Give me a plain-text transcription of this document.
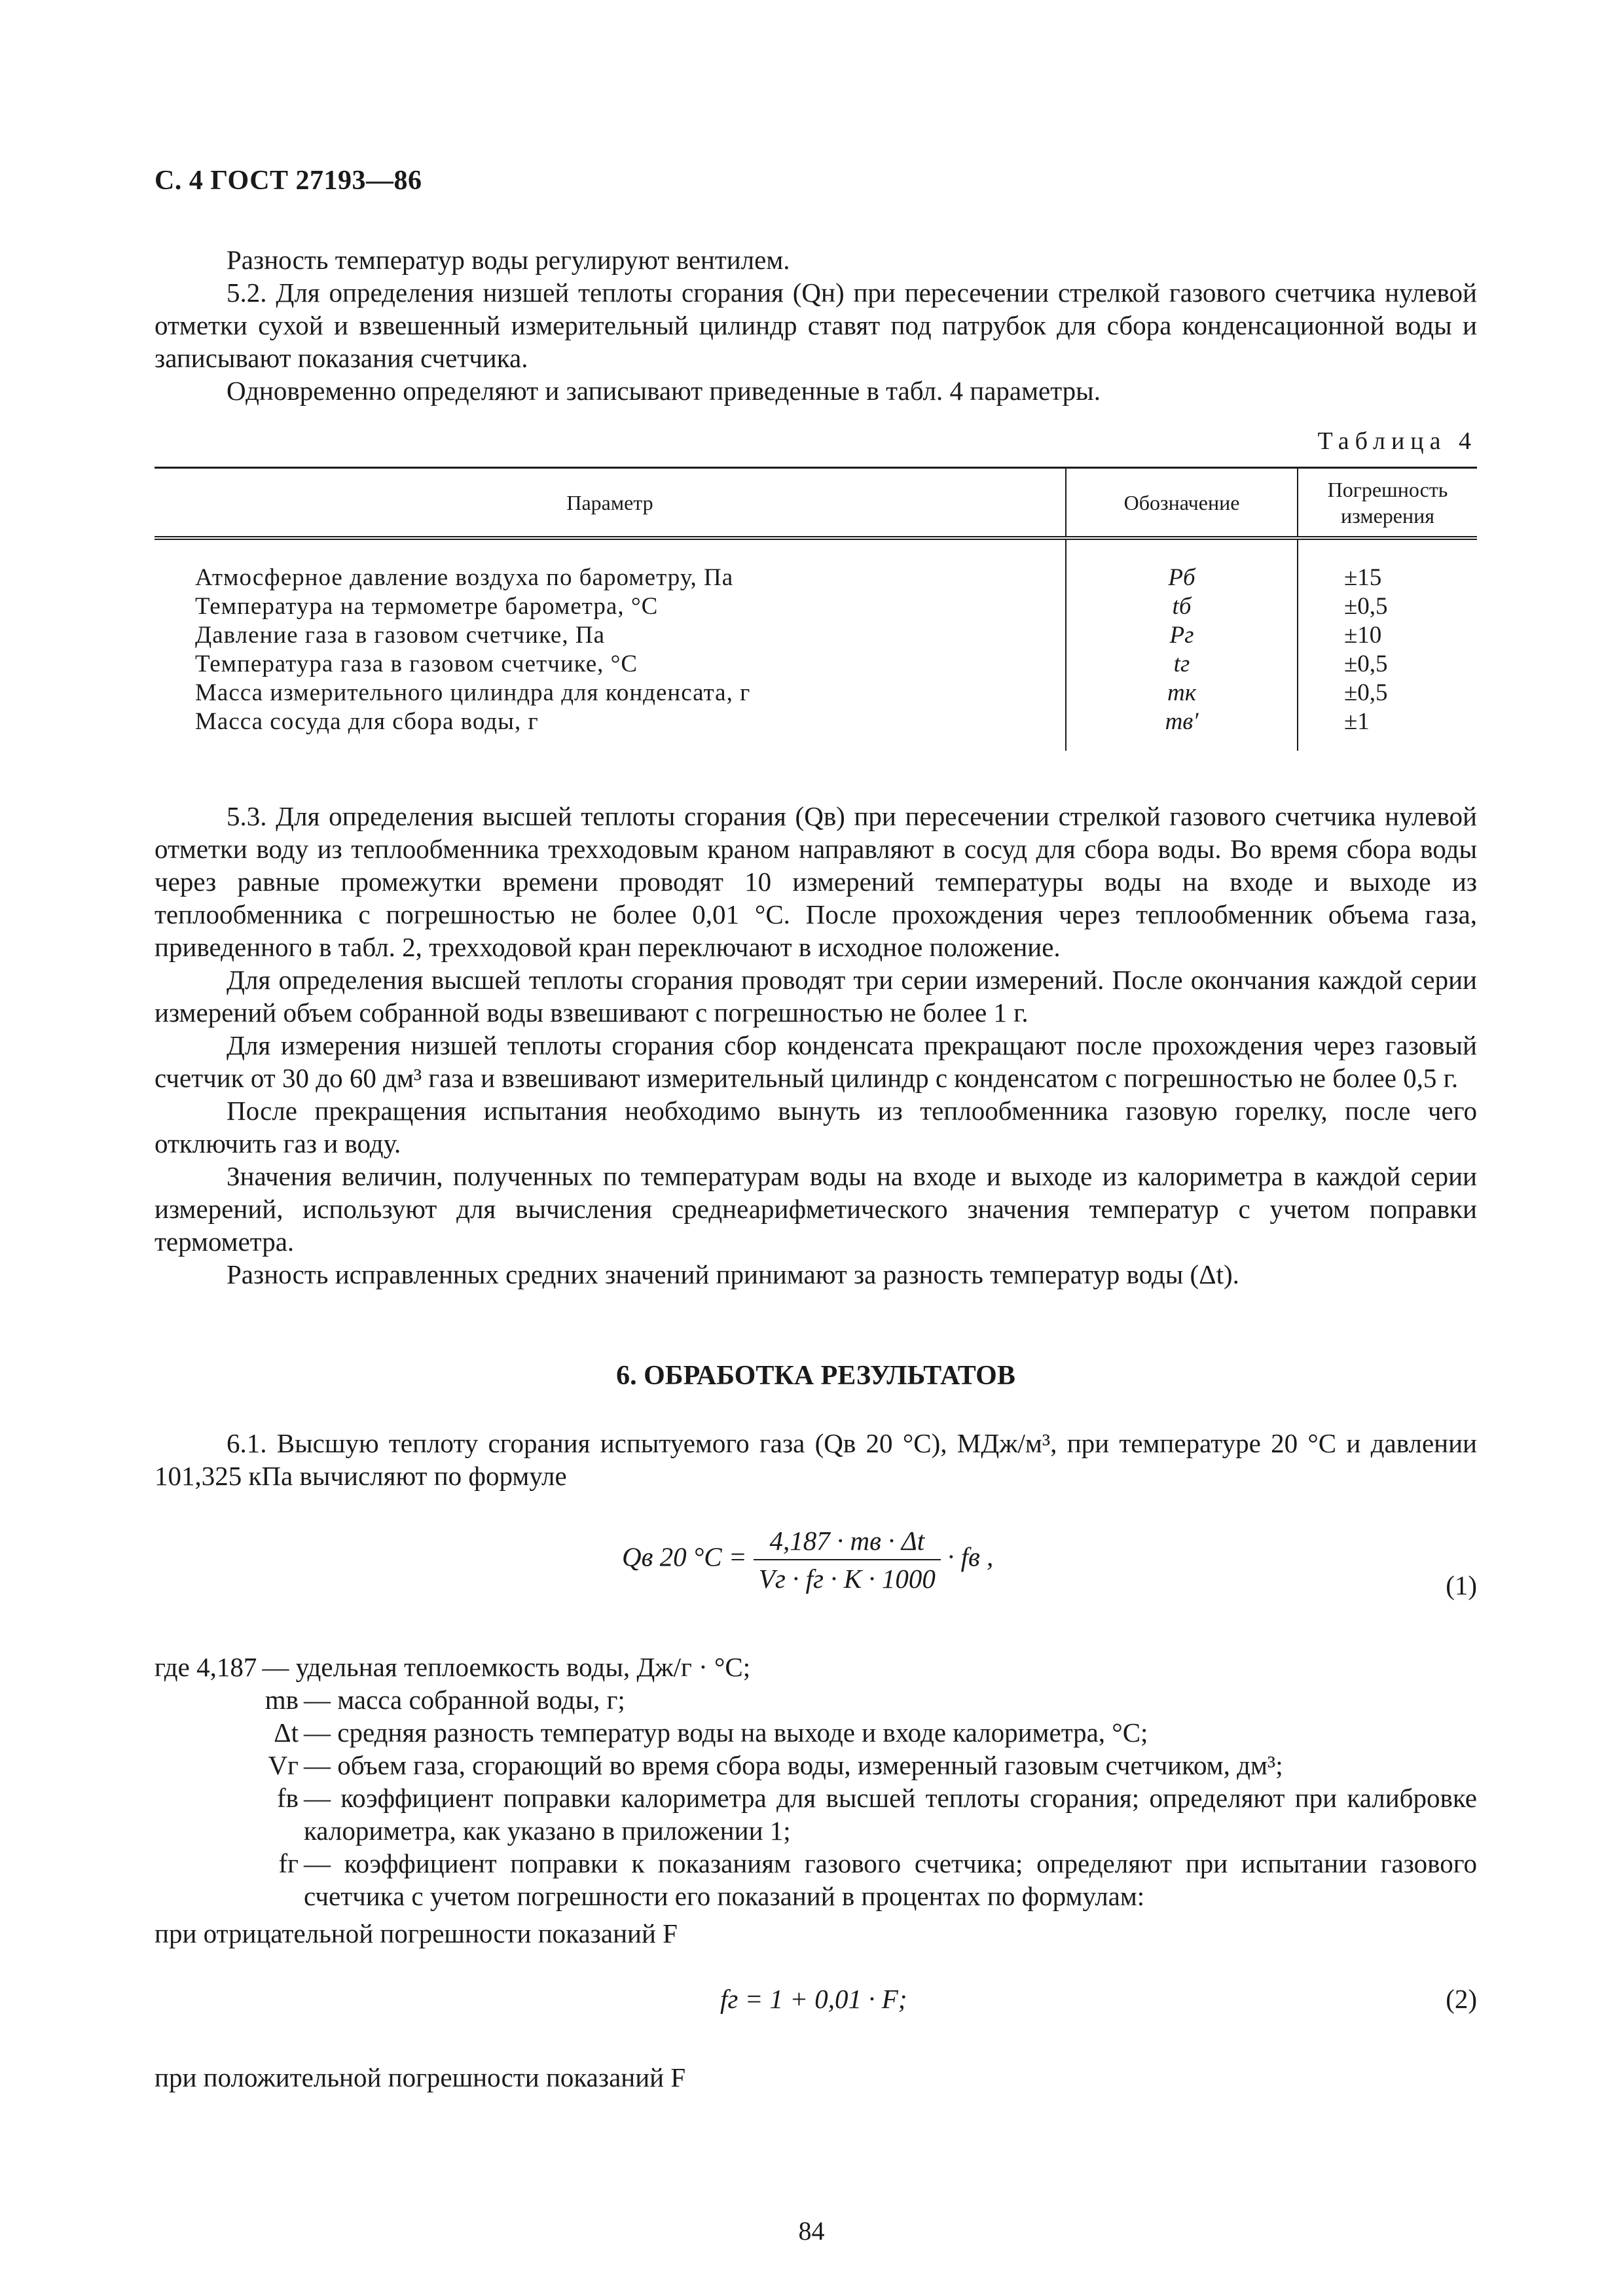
С. 4 ГОСТ 27193—86

Разность температур воды регулируют вентилем.

5.2. Для определения низшей теплоты сгорания (Qн) при пересечении стрелкой газового счетчика нулевой отметки сухой и взвешенный измерительный цилиндр ставят под патрубок для сбора конденсационной воды и записывают показания счетчика.

Одновременно определяют и записывают приведенные в табл. 4 параметры.

Таблица 4
Параметр	Обозначение	Погрешность измерения
Атмосферное давление воздуха по барометру, Па	Pб	±15
Температура на термометре барометра, °С	tб	±0,5
Давление газа в газовом счетчике, Па	Pг	±10
Температура газа в газовом счетчике, °С	tг	±0,5
Масса измерительного цилиндра для конденсата, г	mк	±0,5
Масса сосуда для сбора воды, г	mв′	±1

5.3. Для определения высшей теплоты сгорания (Qв) при пересечении стрелкой газового счетчика нулевой отметки воду из теплообменника трехходовым краном направляют в сосуд для сбора воды. Во время сбора воды через равные промежутки времени проводят 10 измерений температуры воды на входе и выходе из теплообменника с погрешностью не более 0,01 °С. После прохождения через теплообменник объема газа, приведенного в табл. 2, трехходовой кран переключают в исходное положение.

Для определения высшей теплоты сгорания проводят три серии измерений. После окончания каждой серии измерений объем собранной воды взвешивают с погрешностью не более 1 г.

Для измерения низшей теплоты сгорания сбор конденсата прекращают после прохождения через газовый счетчик от 30 до 60 дм³ газа и взвешивают измерительный цилиндр с конденсатом с погрешностью не более 0,5 г.

После прекращения испытания необходимо вынуть из теплообменника газовую горелку, после чего отключить газ и воду.

Значения величин, полученных по температурам воды на входе и выходе из калориметра в каждой серии измерений, используют для вычисления среднеарифметического значения температур с учетом поправки термометра.

Разность исправленных средних значений принимают за разность температур воды (Δt).

6. ОБРАБОТКА РЕЗУЛЬТАТОВ

6.1. Высшую теплоту сгорания испытуемого газа (Qв 20 °С), МДж/м³, при температуре 20 °С и давлении 101,325 кПа вычисляют по формуле

Qв 20 $^\circ С = \frac{4,187 \cdot mв \cdot \Delta t}{Vг \cdot fг \cdot K \cdot 1000}$ · fв ,
(1)
где 4,187 — удельная теплоемкость воды, Дж/г · °С;
mв — масса собранной воды, г;
Δt — средняя разность температур воды на выходе и входе калориметра, °С;
Vг — объем газа, сгорающий во время сбора воды, измеренный газовым счетчиком, дм³;
fв — коэффициент поправки калориметра для высшей теплоты сгорания; определяют при калибровке калориметра, как указано в приложении 1;
fг — коэффициент поправки к показаниям газового счетчика; определяют при испытании газового счетчика с учетом погрешности его показаний в процентах по формулам:
при отрицательной погрешности показаний F
fг = 1 + 0,01 · F;	(2)
при положительной погрешности показаний F
84
